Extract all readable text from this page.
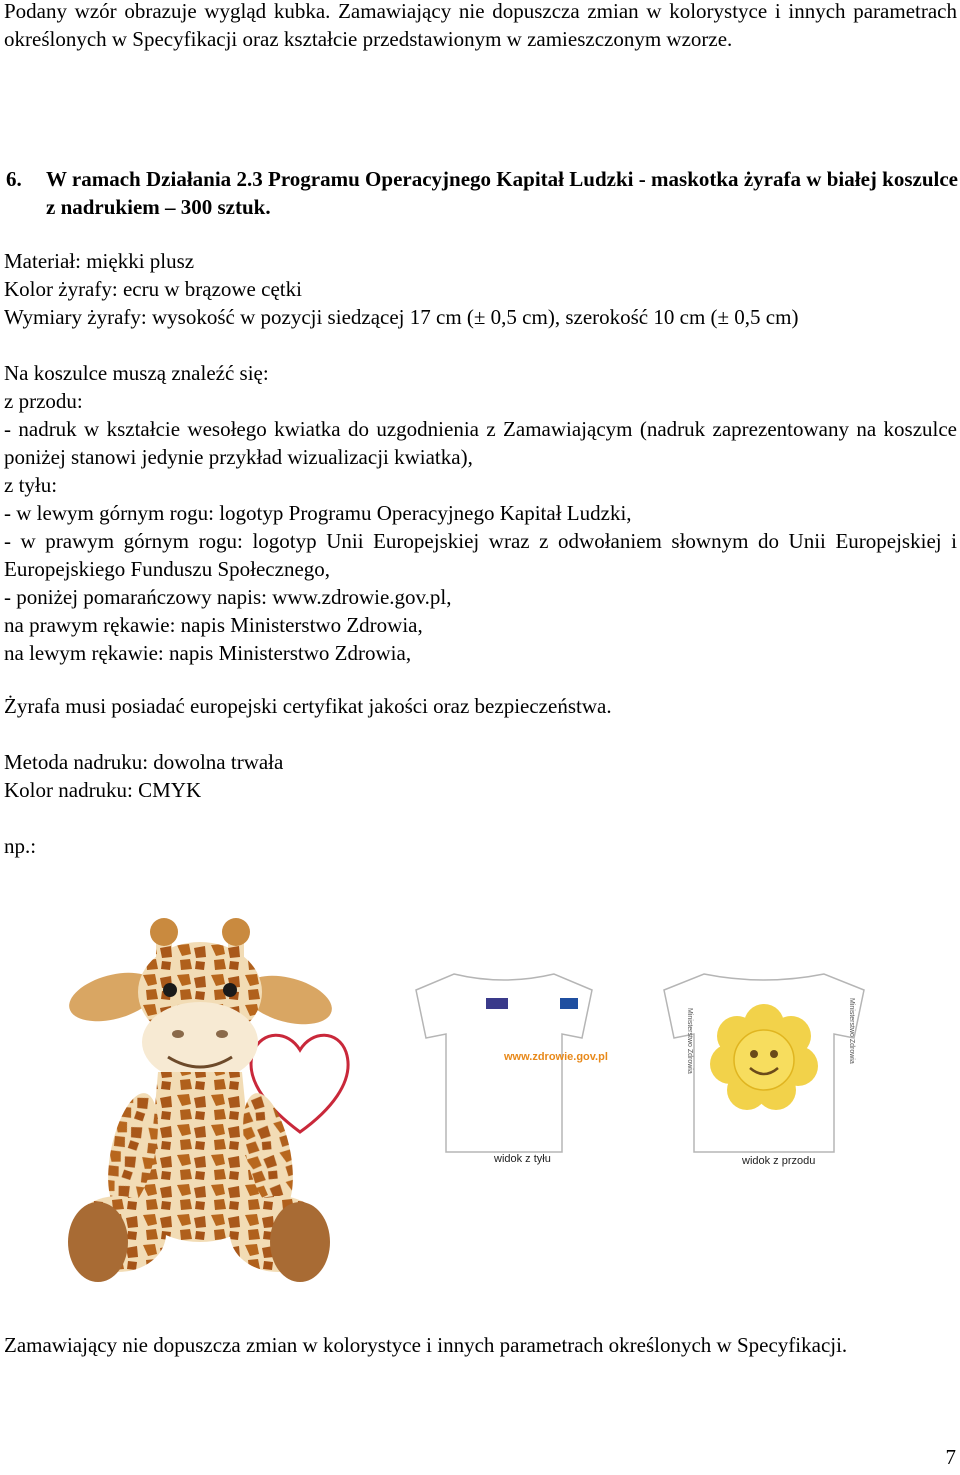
Podany wzór obrazuje wygląd kubka. Zamawiający nie dopuszcza zmian w kolorystyce i innych parametrach określonych w Specyfikacji oraz kształcie przedstawionym w zamieszczonym wzorze.
6. W ramach Działania 2.3 Programu Operacyjnego Kapitał Ludzki - maskotka żyrafa w białej koszulce z nadrukiem – 300 sztuk.
Materiał: miękki plusz
Kolor żyrafy: ecru w brązowe cętki
Wymiary żyrafy: wysokość w pozycji siedzącej 17 cm (± 0,5 cm), szerokość 10 cm (± 0,5 cm)
Na koszulce muszą znaleźć się:
z przodu:
- nadruk w kształcie wesołego kwiatka do uzgodnienia z Zamawiającym (nadruk zaprezentowany na koszulce poniżej stanowi jedynie przykład wizualizacji kwiatka),
z tyłu:
- w lewym górnym rogu: logotyp Programu Operacyjnego Kapitał Ludzki,
- w prawym górnym rogu: logotyp Unii Europejskiej wraz z odwołaniem słownym do Unii Europejskiej i Europejskiego Funduszu Społecznego,
- poniżej pomarańczowy napis: www.zdrowie.gov.pl,
na prawym rękawie: napis Ministerstwo Zdrowia,
na lewym rękawie: napis Ministerstwo Zdrowia,
Żyrafa musi posiadać europejski certyfikat jakości oraz bezpieczeństwa.
Metoda nadruku: dowolna trwała
Kolor nadruku: CMYK
np.:
www.zdrowie.gov.pl
widok z tyłu
Ministerstwo Zdrowia	Ministerstwo Zdrowia
widok z przodu
Zamawiający nie dopuszcza zmian w kolorystyce i innych parametrach określonych w Specyfikacji.
7
